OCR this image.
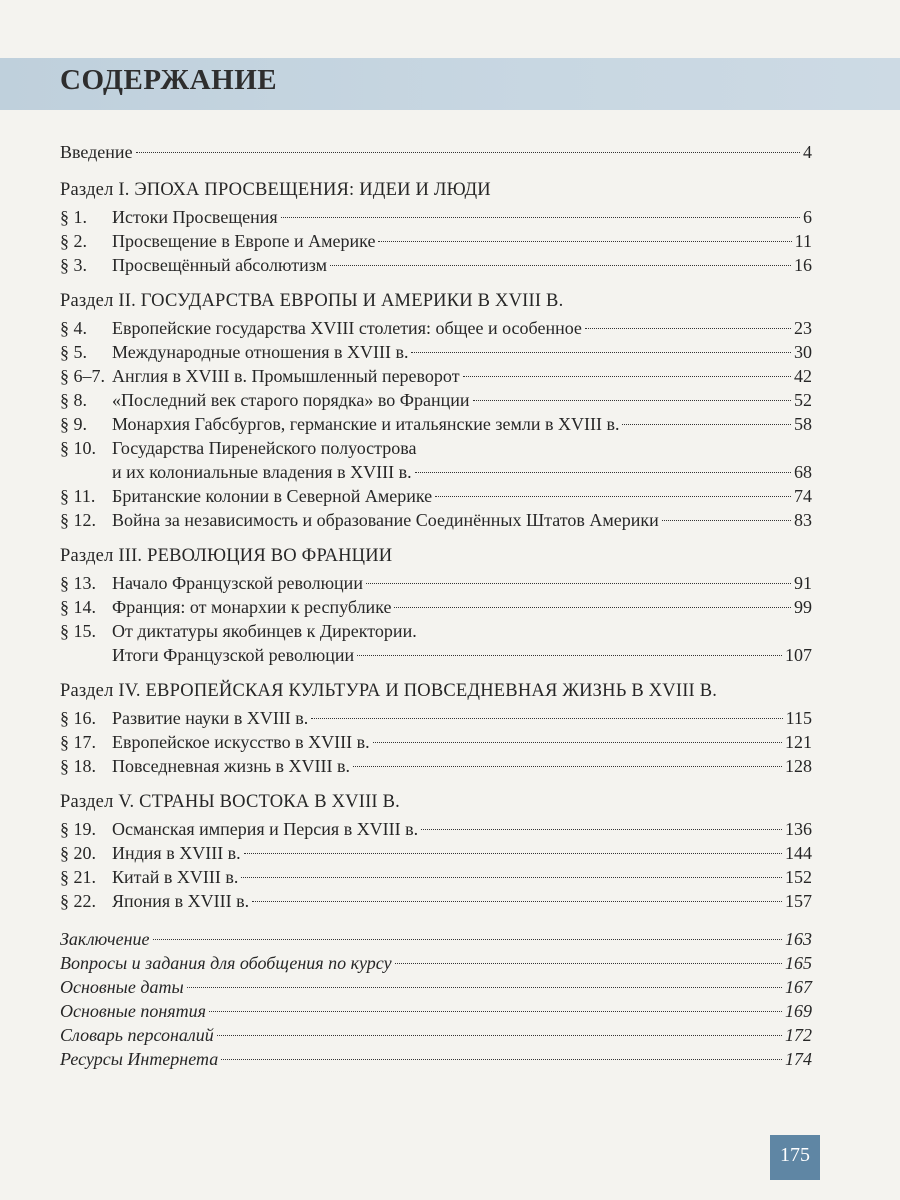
СОДЕРЖАНИЕ
Введение	4
Раздел I. ЭПОХА ПРОСВЕЩЕНИЯ: ИДЕИ И ЛЮДИ
§ 1.	Истоки Просвещения	6
§ 2.	Просвещение в Европе и Америке	11
§ 3.	Просвещённый абсолютизм	16
Раздел II. ГОСУДАРСТВА ЕВРОПЫ И АМЕРИКИ В XVIII В.
§ 4.	Европейские государства XVIII столетия: общее и особенное	23
§ 5.	Международные отношения в XVIII в.	30
§ 6–7. Англия в XVIII в. Промышленный переворот	42
§ 8.	«Последний век старого порядка» во Франции	52
§ 9.	Монархия Габсбургов, германские и итальянские земли в XVIII в.	58
§ 10. Государства Пиренейского полуострова
и их колониальные владения в XVIII в.	68
§ 11. Британские колонии в Северной Америке	74
§ 12. Война за независимость и образование Соединённых Штатов Америки	83
Раздел III. РЕВОЛЮЦИЯ ВО ФРАНЦИИ
§ 13. Начало Французской революции	91
§ 14. Франция: от монархии к республике	99
§ 15. От диктатуры якобинцев к Директории.
Итоги Французской революции	107
Раздел IV. ЕВРОПЕЙСКАЯ КУЛЬТУРА И ПОВСЕДНЕВНАЯ ЖИЗНЬ В XVIII В.
§ 16. Развитие науки в XVIII в.	115
§ 17. Европейское искусство в XVIII в.	121
§ 18. Повседневная жизнь в XVIII в.	128
Раздел V. СТРАНЫ ВОСТОКА В XVIII В.
§ 19. Османская империя и Персия в XVIII в.	136
§ 20. Индия в XVIII в.	144
§ 21. Китай в XVIII в.	152
§ 22. Япония в XVIII в.	157
Заключение	163
Вопросы и задания для обобщения по курсу	165
Основные даты	167
Основные понятия	169
Словарь персоналий	172
Ресурсы Интернета	174
175
